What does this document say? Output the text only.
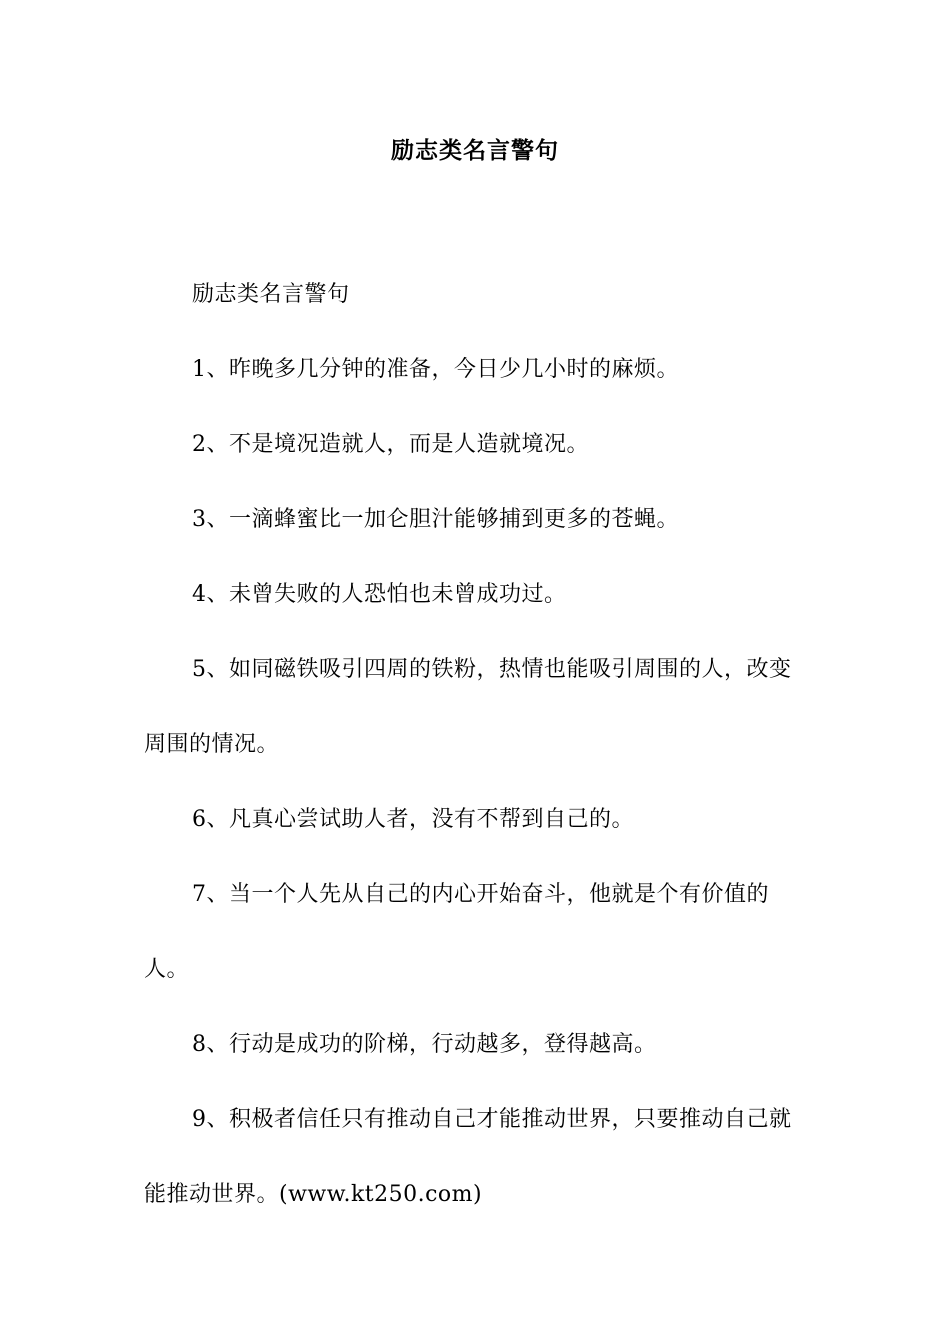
励志类名言警句

励志类名言警句

1、昨晚多几分钟的准备，今日少几小时的麻烦。

2、不是境况造就人，而是人造就境况。

3、一滴蜂蜜比一加仑胆汁能够捕到更多的苍蝇。

4、未曾失败的人恐怕也未曾成功过。

5、如同磁铁吸引四周的铁粉，热情也能吸引周围的人，改变周围的情况。

6、凡真心尝试助人者，没有不帮到自己的。

7、当一个人先从自己的内心开始奋斗，他就是个有价值的人。

8、行动是成功的阶梯，行动越多，登得越高。

9、积极者信任只有推动自己才能推动世界，只要推动自己就能推动世界。(www.kt250.com)
